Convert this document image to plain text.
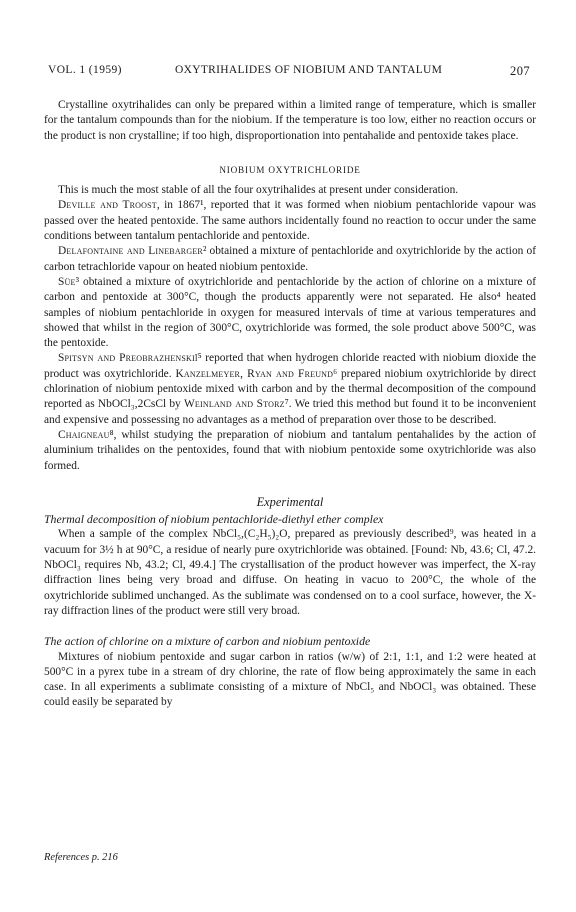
VOL. 1 (1959)	OXYTRIHALIDES OF NIOBIUM AND TANTALUM	207

Crystalline oxytrihalides can only be prepared within a limited range of temperature, which is smaller for the tantalum compounds than for the niobium. If the temperature is too low, either no reaction occurs or the product is non crystalline; if too high, disproportionation into pentahalide and pentoxide takes place.

NIOBIUM OXYTRICHLORIDE

This is much the most stable of all the four oxytrihalides at present under consideration.

Deville and Troost, in 1867¹, reported that it was formed when niobium pentachloride vapour was passed over the heated pentoxide. The same authors incidentally found no reaction to occur under the same conditions between tantalum pentachloride and pentoxide.

Delafontaine and Linebarger² obtained a mixture of pentachloride and oxytrichloride by the action of carbon tetrachloride vapour on heated niobium pentoxide.

Süe³ obtained a mixture of oxytrichloride and pentachloride by the action of chlorine on a mixture of carbon and pentoxide at 300°C, though the products apparently were not separated. He also⁴ heated samples of niobium pentachloride in oxygen for measured intervals of time at various temperatures and showed that whilst in the region of 300°C, oxytrichloride was formed, the sole product above 500°C, was the pentoxide.

Spitsyn and Preobrazhenskiĭ⁵ reported that when hydrogen chloride reacted with niobium dioxide the product was oxytrichloride. Kanzelmeyer, Ryan and Freund⁶ prepared niobium oxytrichloride by direct chlorination of niobium pentoxide mixed with carbon and by the thermal decomposition of the compound reported as NbOCl₃,2CsCl by Weinland and Storz⁷. We tried this method but found it to be inconvenient and expensive and possessing no advantages as a method of preparation over those to be described.

Chaigneau⁸, whilst studying the preparation of niobium and tantalum pentahalides by the action of aluminium trihalides on the pentoxides, found that with niobium pentoxide some oxytrichloride was also formed.

Experimental
Thermal decomposition of niobium pentachloride-diethyl ether complex

When a sample of the complex NbCl₅,(C₂H₅)₂O, prepared as previously described⁹, was heated in a vacuum for 3½ h at 90°C, a residue of nearly pure oxytrichloride was obtained. [Found: Nb, 43.6; Cl, 47.2. NbOCl₃ requires Nb, 43.2; Cl, 49.4.] The crystallisation of the product however was imperfect, the X-ray diffraction lines being very broad and diffuse. On heating in vacuo to 200°C, the whole of the oxytrichloride sublimed unchanged. As the sublimate was condensed on to a cool surface, however, the X-ray diffraction lines of the product were still very broad.

The action of chlorine on a mixture of carbon and niobium pentoxide

Mixtures of niobium pentoxide and sugar carbon in ratios (w/w) of 2:1, 1:1, and 1:2 were heated at 500°C in a pyrex tube in a stream of dry chlorine, the rate of flow being approximately the same in each case. In all experiments a sublimate consisting of a mixture of NbCl₅ and NbOCl₃ was obtained. These could easily be separated by

References p. 216
